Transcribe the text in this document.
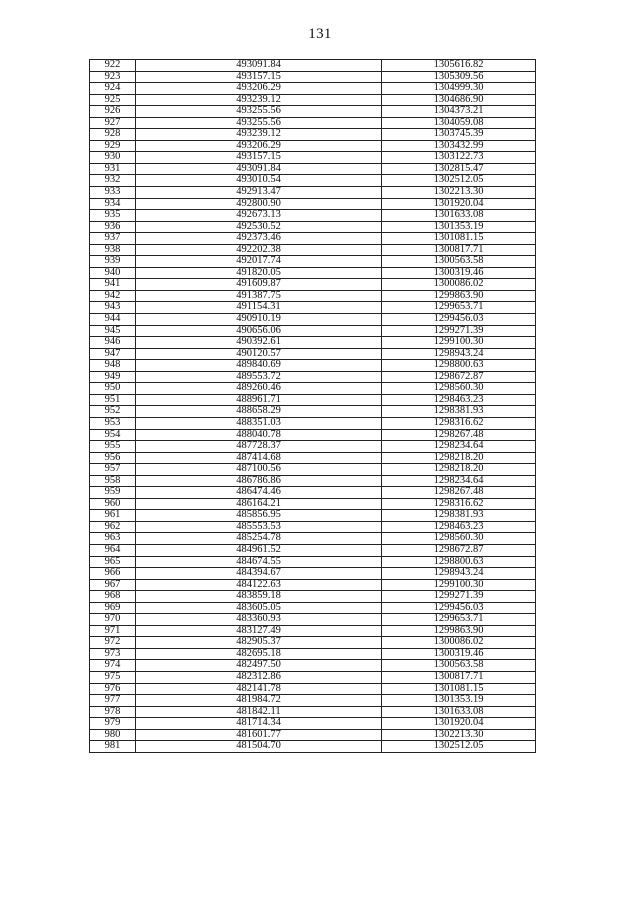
131
922	493091.84	1305616.82
923	493157.15	1305309.56
924	493206.29	1304999.30
925	493239.12	1304686.90
926	493255.56	1304373.21
927	493255.56	1304059.08
928	493239.12	1303745.39
929	493206.29	1303432.99
930	493157.15	1303122.73
931	493091.84	1302815.47
932	493010.54	1302512.05
933	492913.47	1302213.30
934	492800.90	1301920.04
935	492673.13	1301633.08
936	492530.52	1301353.19
937	492373.46	1301081.15
938	492202.38	1300817.71
939	492017.74	1300563.58
940	491820.05	1300319.46
941	491609.87	1300086.02
942	491387.75	1299863.90
943	491154.31	1299653.71
944	490910.19	1299456.03
945	490656.06	1299271.39
946	490392.61	1299100.30
947	490120.57	1298943.24
948	489840.69	1298800.63
949	489553.72	1298672.87
950	489260.46	1298560.30
951	488961.71	1298463.23
952	488658.29	1298381.93
953	488351.03	1298316.62
954	488040.78	1298267.48
955	487728.37	1298234.64
956	487414.68	1298218.20
957	487100.56	1298218.20
958	486786.86	1298234.64
959	486474.46	1298267.48
960	486164.21	1298316.62
961	485856.95	1298381.93
962	485553.53	1298463.23
963	485254.78	1298560.30
964	484961.52	1298672.87
965	484674.55	1298800.63
966	484394.67	1298943.24
967	484122.63	1299100.30
968	483859.18	1299271.39
969	483605.05	1299456.03
970	483360.93	1299653.71
971	483127.49	1299863.90
972	482905.37	1300086.02
973	482695.18	1300319.46
974	482497.50	1300563.58
975	482312.86	1300817.71
976	482141.78	1301081.15
977	481984.72	1301353.19
978	481842.11	1301633.08
979	481714.34	1301920.04
980	481601.77	1302213.30
981	481504.70	1302512.05
